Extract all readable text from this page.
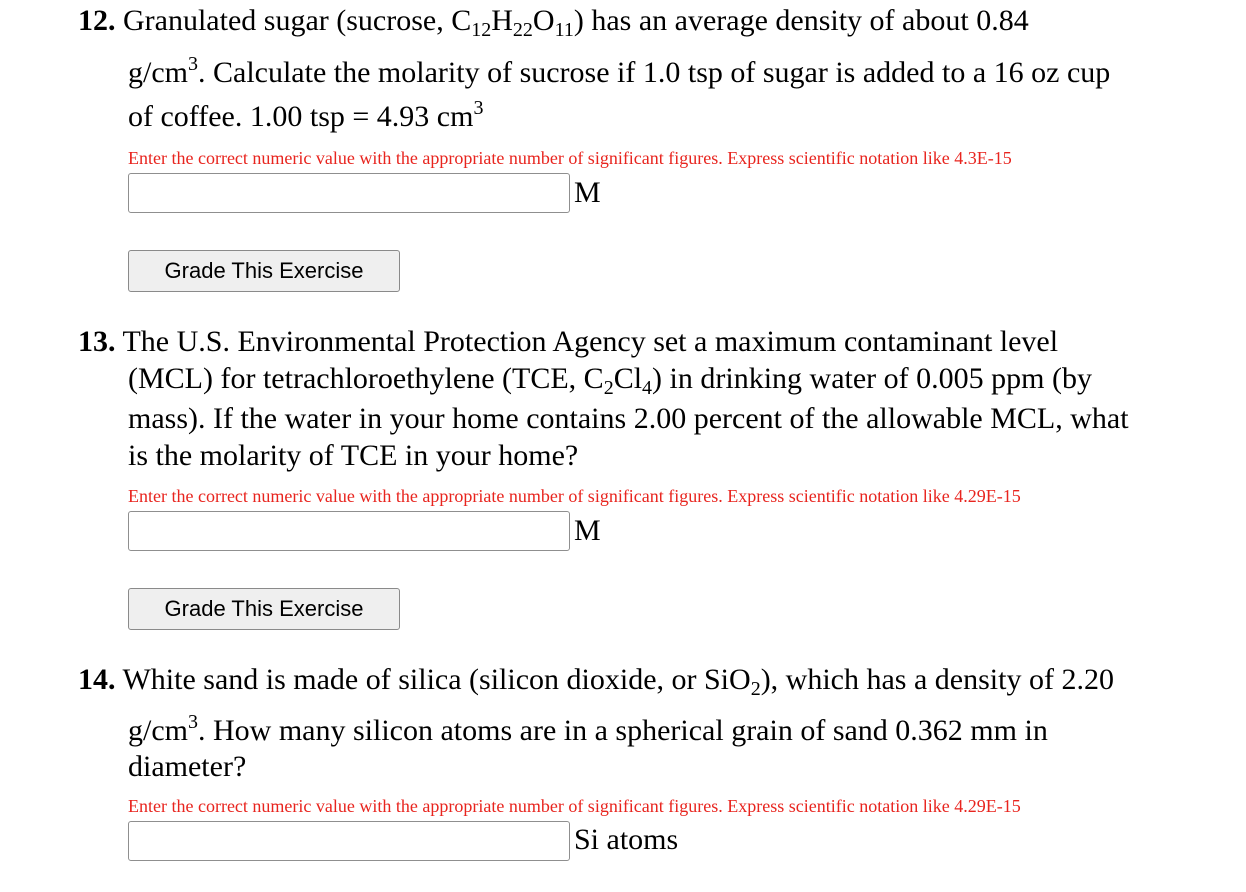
12. Granulated sugar (sucrose, $C_{12}H_{22}O_{11}$) has an average density of about 0.84
$g/cm^3$. Calculate the molarity of sucrose if 1.0 tsp of sugar is added to a 16 oz cup
of coffee. 1.00 tsp = 4.93 $cm^3$
Enter the correct numeric value with the appropriate number of significant figures. Express scientific notation like 4.3E-15
M
Grade This Exercise
13. The U.S. Environmental Protection Agency set a maximum contaminant level
(MCL) for tetrachloroethylene (TCE, $C_2Cl_4$) in drinking water of 0.005 ppm (by
mass). If the water in your home contains 2.00 percent of the allowable MCL, what
is the molarity of TCE in your home?
Enter the correct numeric value with the appropriate number of significant figures. Express scientific notation like 4.29E-15
M
Grade This Exercise
14. White sand is made of silica (silicon dioxide, or SiO$_2$), which has a density of 2.20
$g/cm^3$. How many silicon atoms are in a spherical grain of sand 0.362 mm in
diameter?
Enter the correct numeric value with the appropriate number of significant figures. Express scientific notation like 4.29E-15
Si atoms
